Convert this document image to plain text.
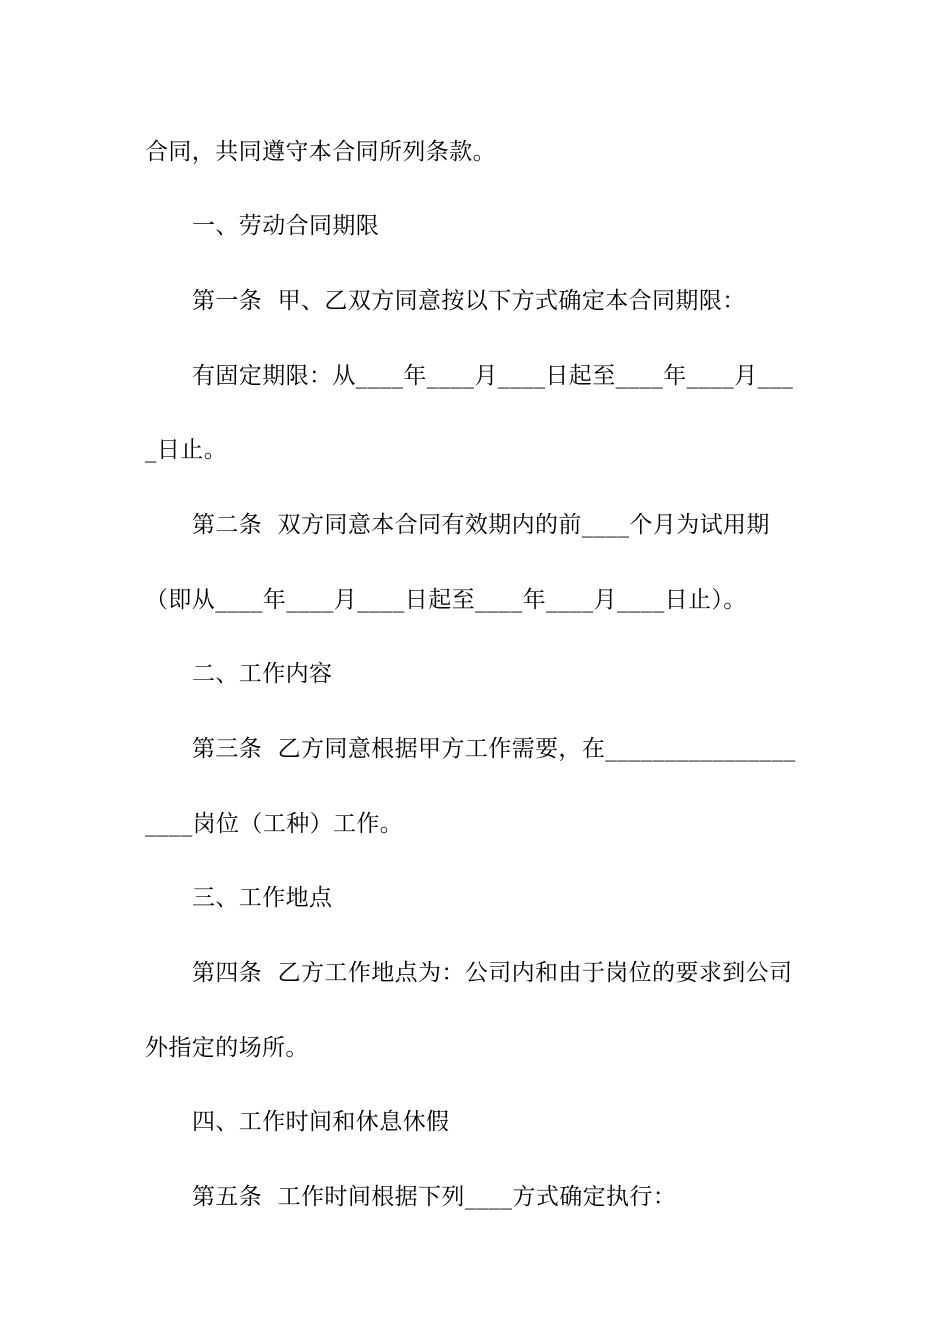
合同，共同遵守本合同所列条款。
一、劳动合同期限
第一条  甲、乙双方同意按以下方式确定本合同期限：
有固定期限：从____年____月____日起至____年____月___
_日止。
第二条  双方同意本合同有效期内的前____个月为试用期
（即从____年____月____日起至____年____月____日止）。
二、工作内容
第三条  乙方同意根据甲方工作需要，在________________
____岗位（工种）工作。
三、工作地点
第四条  乙方工作地点为：公司内和由于岗位的要求到公司
外指定的场所。
四、工作时间和休息休假
第五条  工作时间根据下列____方式确定执行：
